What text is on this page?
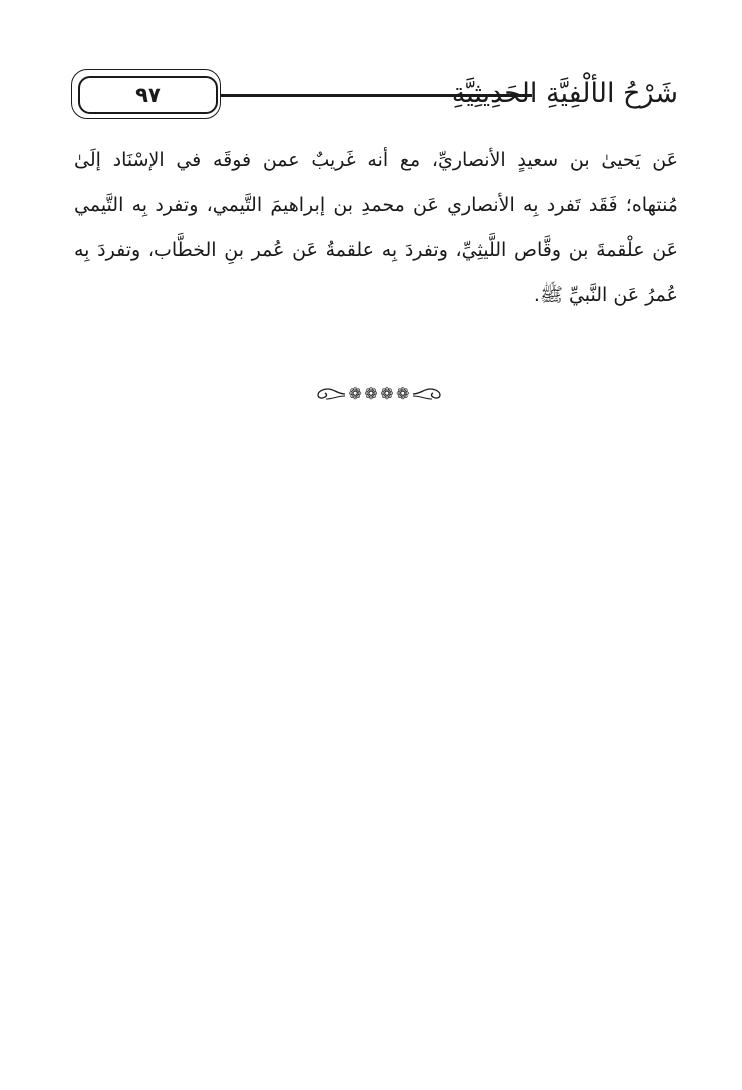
٩٧	شَرْحُ الألْفِيَّةِ الحَدِيثِيَّةِ
عَن يَحيىٰ بن سعيدٍ الأنصاريِّ، مع أنه غَريبٌ عمن فوقَه في الإسْنَاد إلَىٰ
مُنتهاه؛ فَقَد تَفرد بِه الأنصاري عَن محمدِ بن إبراهيمَ التَّيمي، وتفرد بِه التَّيمي
عَن علْقمةَ بن وقَّاص اللَّيثِيِّ، وتفردَ بِه علقمةُ عَن عُمر بنِ الخطَّاب، وتفردَ بِه
عُمرُ عَن النَّبيِّ ﷺ.
❁ ❁ ❁ ❁
